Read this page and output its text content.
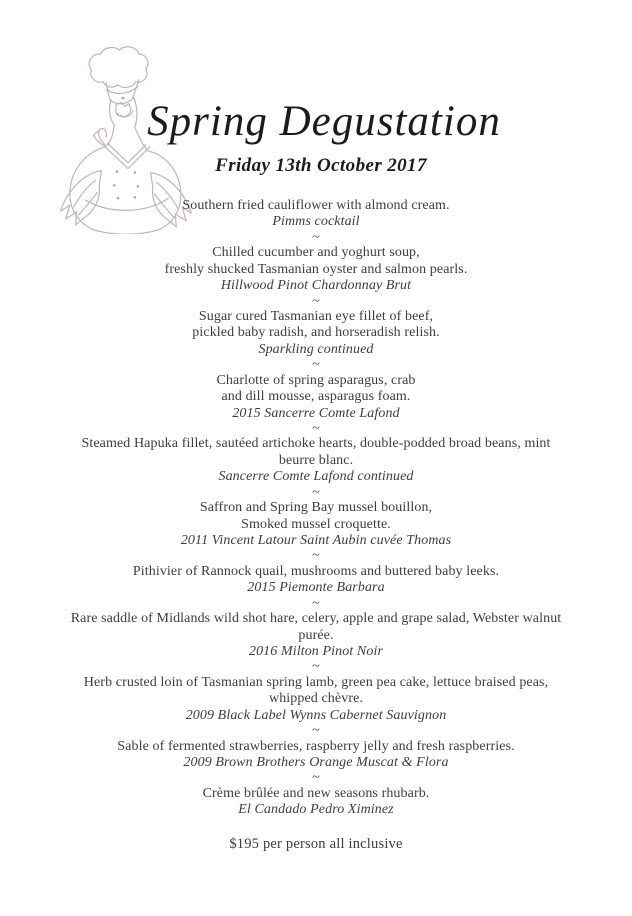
Spring Degustation
Friday 13th October 2017
Southern fried cauliflower with almond cream.
Pimms cocktail
~
Chilled cucumber and yoghurt soup,
freshly shucked Tasmanian oyster and salmon pearls.
Hillwood Pinot Chardonnay Brut
~
Sugar cured Tasmanian eye fillet of beef,
pickled baby radish, and horseradish relish.
Sparkling continued
~
Charlotte of spring asparagus, crab
and dill mousse, asparagus foam.
2015 Sancerre Comte Lafond
~
Steamed Hapuka fillet, sautéed artichoke hearts, double-podded broad beans, mint
beurre blanc.
Sancerre Comte Lafond continued
~
Saffron and Spring Bay mussel bouillon,
Smoked mussel croquette.
2011 Vincent Latour Saint Aubin cuvée Thomas
~
Pithivier of Rannock quail, mushrooms and buttered baby leeks.
2015 Piemonte Barbara
~
Rare saddle of Midlands wild shot hare, celery, apple and grape salad, Webster walnut
purée.
2016 Milton Pinot Noir
~
Herb crusted loin of Tasmanian spring lamb, green pea cake, lettuce braised peas,
whipped chèvre.
2009 Black Label Wynns Cabernet Sauvignon
~
Sable of fermented strawberries, raspberry jelly and fresh raspberries.
2009 Brown Brothers Orange Muscat & Flora
~
Crème brûlée and new seasons rhubarb.
El Candado Pedro Ximinez
$195 per person all inclusive
